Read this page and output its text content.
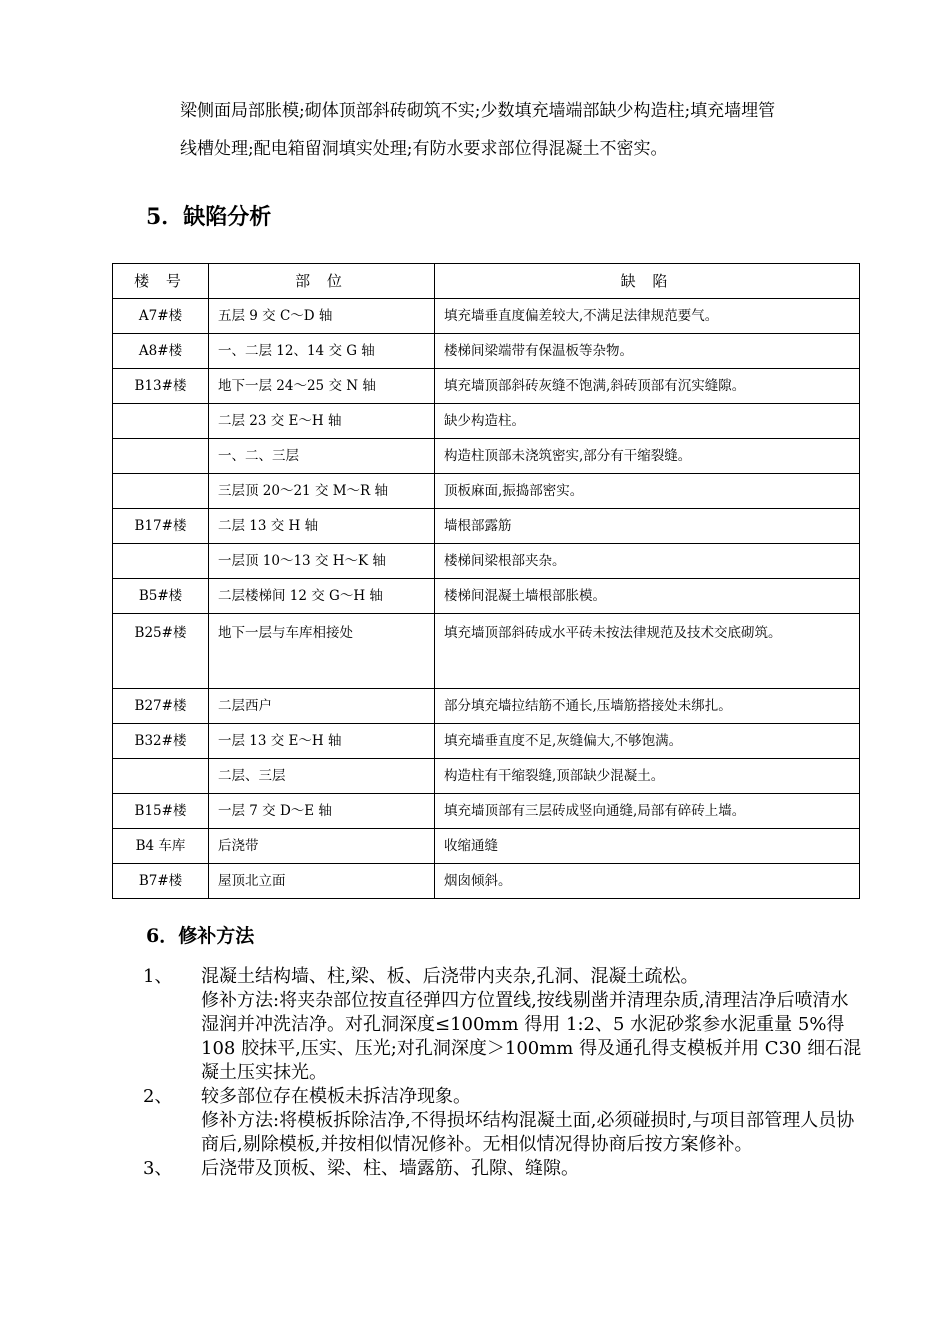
梁侧面局部胀模;砌体顶部斜砖砌筑不实;少数填充墙端部缺少构造柱;填充墙埋管

线槽处理;配电箱留洞填实处理;有防水要求部位得混凝土不密实。

5．缺陷分析
楼 号	部 位	缺 陷
A7#楼	五层 9 交 C～D 轴	填充墙垂直度偏差较大,不满足法律规范要气。
A8#楼	一、二层 12、14 交 G 轴	楼梯间梁端带有保温板等杂物。
B13#楼	地下一层 24～25 交 N 轴	填充墙顶部斜砖灰缝不饱满,斜砖顶部有沉实缝隙。
	二层 23 交 E～H 轴	缺少构造柱。
	一、二、三层	构造柱顶部未浇筑密实,部分有干缩裂缝。
	三层顶 20～21 交 M～R 轴	顶板麻面,振捣部密实。
B17#楼	二层 13 交 H 轴	墙根部露筋
	一层顶 10～13 交 H～K 轴	楼梯间梁根部夹杂。
B5#楼	二层楼梯间 12 交 G～H 轴	楼梯间混凝土墙根部胀模。
B25#楼	地下一层与车库相接处	填充墙顶部斜砖成水平砖未按法律规范及技术交底砌筑。
B27#楼	二层西户	部分填充墙拉结筋不通长,压墙筋搭接处未绑扎。
B32#楼	一层 13 交 E～H 轴	填充墙垂直度不足,灰缝偏大,不够饱满。
	二层、三层	构造柱有干缩裂缝,顶部缺少混凝土。
B15#楼	一层 7 交 D～E 轴	填充墙顶部有三层砖成竖向通缝,局部有碎砖上墙。
B4 车库	后浇带	收缩通缝
B7#楼	屋顶北立面	烟囱倾斜。
6．修补方法
1、 混凝土结构墙、柱,梁、板、后浇带内夹杂,孔洞、混凝土疏松。
修补方法:将夹杂部位按直径弹四方位置线,按线剔凿并清理杂质,清理洁净后喷清水湿润并冲洗洁净。对孔洞深度≤100mm 得用 1:2、5 水泥砂浆参水泥重量 5%得 108 胶抹平,压实、压光;对孔洞深度＞100mm 得及通孔得支模板并用 C30 细石混凝土压实抹光。
2、 较多部位存在模板未拆洁净现象。
修补方法:将模板拆除洁净,不得损坏结构混凝土面,必须碰损时,与项目部管理人员协商后,剔除模板,并按相似情况修补。无相似情况得协商后按方案修补。
3、 后浇带及顶板、梁、柱、墙露筋、孔隙、缝隙。
